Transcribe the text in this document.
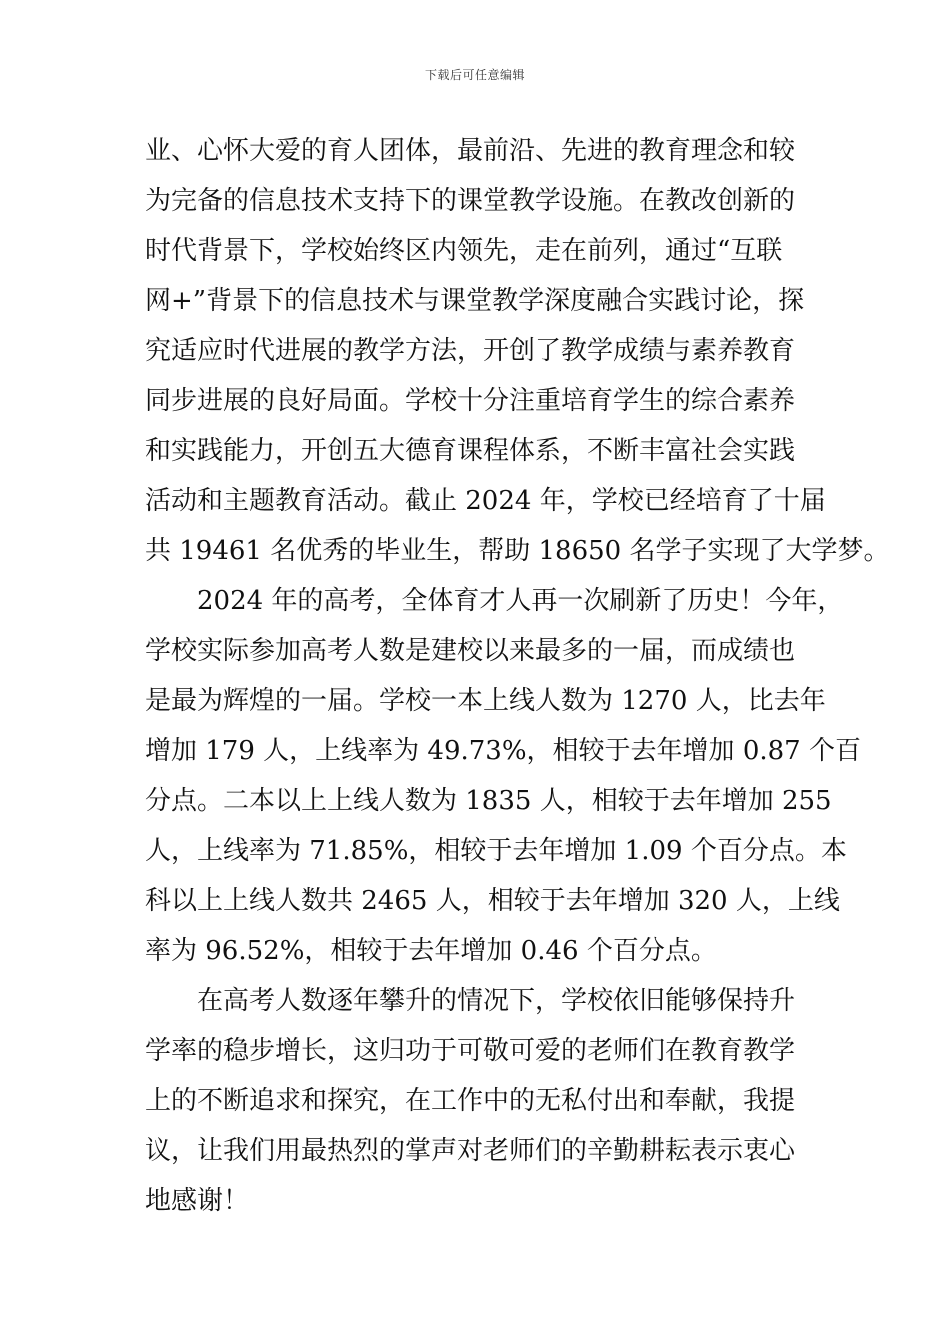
下载后可任意编辑
业、心怀大爱的育人团体，最前沿、先进的教育理念和较
为完备的信息技术支持下的课堂教学设施。在教改创新的
时代背景下，学校始终区内领先，走在前列，通过“互联
网+”背景下的信息技术与课堂教学深度融合实践讨论，探
究适应时代进展的教学方法，开创了教学成绩与素养教育
同步进展的良好局面。学校十分注重培育学生的综合素养
和实践能力，开创五大德育课程体系，不断丰富社会实践
活动和主题教育活动。截止 2024 年，学校已经培育了十届
共 19461 名优秀的毕业生，帮助 18650 名学子实现了大学梦。
2024 年的高考，全体育才人再一次刷新了历史！今年，
学校实际参加高考人数是建校以来最多的一届，而成绩也
是最为辉煌的一届。学校一本上线人数为 1270 人，比去年
增加 179 人，上线率为 49.73%，相较于去年增加 0.87 个百
分点。二本以上上线人数为 1835 人，相较于去年增加 255
人，上线率为 71.85%，相较于去年增加 1.09 个百分点。本
科以上上线人数共 2465 人，相较于去年增加 320 人，上线
率为 96.52%，相较于去年增加 0.46 个百分点。
在高考人数逐年攀升的情况下，学校依旧能够保持升
学率的稳步增长，这归功于可敬可爱的老师们在教育教学
上的不断追求和探究，在工作中的无私付出和奉献，我提
议，让我们用最热烈的掌声对老师们的辛勤耕耘表示衷心
地感谢！
